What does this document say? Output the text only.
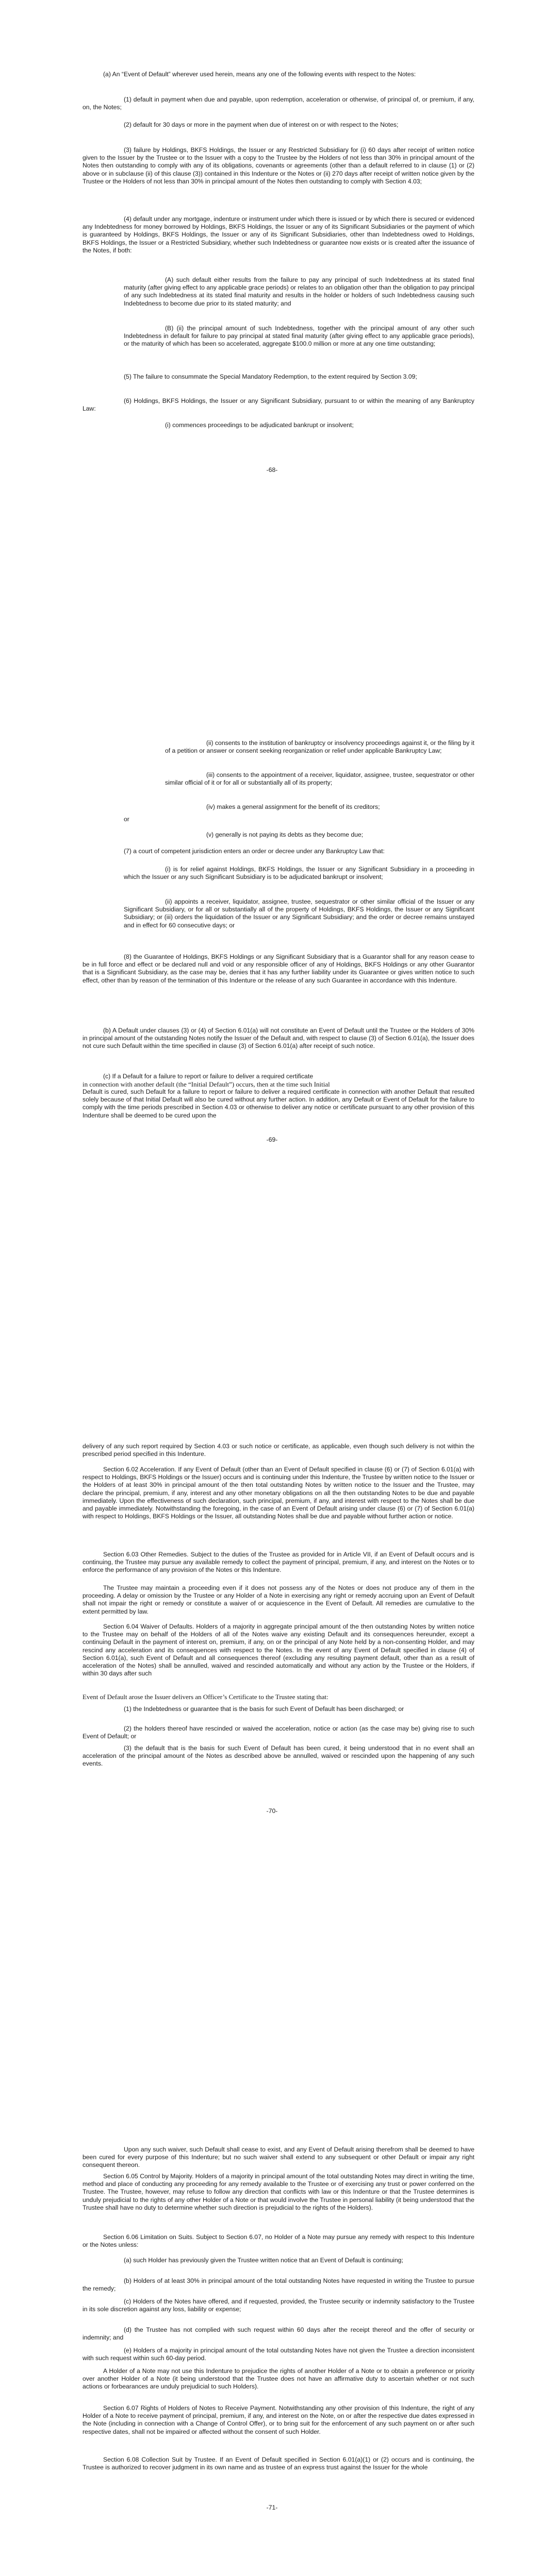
(a) An “Event of Default” wherever used herein, means any one of the following events with respect to the Notes:

(1) default in payment when due and payable, upon redemption, acceleration or otherwise, of principal of, or premium, if any, on, the Notes;

(2) default for 30 days or more in the payment when due of interest on or with respect to the Notes;

(3) failure by Holdings, BKFS Holdings, the Issuer or any Restricted Subsidiary for (i) 60 days after receipt of written notice given to the Issuer by the Trustee or to the Issuer with a copy to the Trustee by the Holders of not less than 30% in principal amount of the Notes then outstanding to comply with any of its obligations, covenants or agreements (other than a default referred to in clause (1) or (2) above or in subclause (ii) of this clause (3)) contained in this Indenture or the Notes or (ii) 270 days after receipt of written notice given by the Trustee or the Holders of not less than 30% in principal amount of the Notes then outstanding to comply with Section 4.03;

(4) default under any mortgage, indenture or instrument under which there is issued or by which there is secured or evidenced any Indebtedness for money borrowed by Holdings, BKFS Holdings, the Issuer or any of its Significant Subsidiaries or the payment of which is guaranteed by Holdings, BKFS Holdings, the Issuer or any of its Significant Subsidiaries, other than Indebtedness owed to Holdings, BKFS Holdings, the Issuer or a Restricted Subsidiary, whether such Indebtedness or guarantee now exists or is created after the issuance of the Notes, if both:

(A) such default either results from the failure to pay any principal of such Indebtedness at its stated final maturity (after giving effect to any applicable grace periods) or relates to an obligation other than the obligation to pay principal of any such Indebtedness at its stated final maturity and results in the holder or holders of such Indebtedness causing such Indebtedness to become due prior to its stated maturity; and

(B) (ii) the principal amount of such Indebtedness, together with the principal amount of any other such Indebtedness in default for failure to pay principal at stated final maturity (after giving effect to any applicable grace periods), or the maturity of which has been so accelerated, aggregate $100.0 million or more at any one time outstanding;

(5) The failure to consummate the Special Mandatory Redemption, to the extent required by Section 3.09;

(6) Holdings, BKFS Holdings, the Issuer or any Significant Subsidiary, pursuant to or within the meaning of any Bankruptcy Law:

(i) commences proceedings to be adjudicated bankrupt or insolvent;

-68-

(ii) consents to the institution of bankruptcy or insolvency proceedings against it, or the filing by it of a petition or answer or consent seeking reorganization or relief under applicable Bankruptcy Law;

(iii) consents to the appointment of a receiver, liquidator, assignee, trustee, sequestrator or other similar official of it or for all or substantially all of its property;

(iv) makes a general assignment for the benefit of its creditors;

or

(v) generally is not paying its debts as they become due;

(7) a court of competent jurisdiction enters an order or decree under any Bankruptcy Law that:

(i) is for relief against Holdings, BKFS Holdings, the Issuer or any Significant Subsidiary in a proceeding in which the Issuer or any such Significant Subsidiary is to be adjudicated bankrupt or insolvent;

(ii) appoints a receiver, liquidator, assignee, trustee, sequestrator or other similar official of the Issuer or any Significant Subsidiary, or for all or substantially all of the property of Holdings, BKFS Holdings, the Issuer or any Significant Subsidiary; or (iii) orders the liquidation of the Issuer or any Significant Subsidiary; and the order or decree remains unstayed and in effect for 60 consecutive days; or

(8) the Guarantee of Holdings, BKFS Holdings or any Significant Subsidiary that is a Guarantor shall for any reason cease to be in full force and effect or be declared null and void or any responsible officer of any of Holdings, BKFS Holdings or any other Guarantor that is a Significant Subsidiary, as the case may be, denies that it has any further liability under its Guarantee or gives written notice to such effect, other than by reason of the termination of this Indenture or the release of any such Guarantee in accordance with this Indenture.

(b) A Default under clauses (3) or (4) of Section 6.01(a) will not constitute an Event of Default until the Trustee or the Holders of 30% in principal amount of the outstanding Notes notify the Issuer of the Default and, with respect to clause (3) of Section 6.01(a), the Issuer does not cure such Default within the time specified in clause (3) of Section 6.01(a) after receipt of such notice.

(c) If a Default for a failure to report or failure to deliver a required certificate

in connection with another default (the “Initial Default”) occurs, then at the time such Initial

Default is cured, such Default for a failure to report or failure to deliver a required certificate in connection with another Default that resulted solely because of that Initial Default will also be cured without any further action. In addition, any Default or Event of Default for the failure to comply with the time periods prescribed in Section 4.03 or otherwise to deliver any notice or certificate pursuant to any other provision of this Indenture shall be deemed to be cured upon the

-69-

delivery of any such report required by Section 4.03 or such notice or certificate, as applicable, even though such delivery is not within the prescribed period specified in this Indenture.

Section 6.02 Acceleration. If any Event of Default (other than an Event of Default specified in clause (6) or (7) of Section 6.01(a) with respect to Holdings, BKFS Holdings or the Issuer) occurs and is continuing under this Indenture, the Trustee by written notice to the Issuer or the Holders of at least 30% in principal amount of the then total outstanding Notes by written notice to the Issuer and the Trustee, may declare the principal, premium, if any, interest and any other monetary obligations on all the then outstanding Notes to be due and payable immediately. Upon the effectiveness of such declaration, such principal, premium, if any, and interest with respect to the Notes shall be due and payable immediately. Notwithstanding the foregoing, in the case of an Event of Default arising under clause (6) or (7) of Section 6.01(a) with respect to Holdings, BKFS Holdings or the Issuer, all outstanding Notes shall be due and payable without further action or notice.

Section 6.03 Other Remedies. Subject to the duties of the Trustee as provided for in Article VII, if an Event of Default occurs and is continuing, the Trustee may pursue any available remedy to collect the payment of principal, premium, if any, and interest on the Notes or to enforce the performance of any provision of the Notes or this Indenture.

The Trustee may maintain a proceeding even if it does not possess any of the Notes or does not produce any of them in the proceeding. A delay or omission by the Trustee or any Holder of a Note in exercising any right or remedy accruing upon an Event of Default shall not impair the right or remedy or constitute a waiver of or acquiescence in the Event of Default. All remedies are cumulative to the extent permitted by law.

Section 6.04 Waiver of Defaults. Holders of a majority in aggregate principal amount of the then outstanding Notes by written notice to the Trustee may on behalf of the Holders of all of the Notes waive any existing Default and its consequences hereunder, except a continuing Default in the payment of interest on, premium, if any, on or the principal of any Note held by a non-consenting Holder, and may rescind any acceleration and its consequences with respect to the Notes. In the event of any Event of Default specified in clause (4) of Section 6.01(a), such Event of Default and all consequences thereof (excluding any resulting payment default, other than as a result of acceleration of the Notes) shall be annulled, waived and rescinded automatically and without any action by the Trustee or the Holders, if within 30 days after such

Event of Default arose the Issuer delivers an Officer’s Certificate to the Trustee stating that:

(1) the Indebtedness or guarantee that is the basis for such Event of Default has been discharged; or

(2) the holders thereof have rescinded or waived the acceleration, notice or action (as the case may be) giving rise to such Event of Default; or

(3) the default that is the basis for such Event of Default has been cured, it being understood that in no event shall an acceleration of the principal amount of the Notes as described above be annulled, waived or rescinded upon the happening of any such events.

-70-

Upon any such waiver, such Default shall cease to exist, and any Event of Default arising therefrom shall be deemed to have been cured for every purpose of this Indenture; but no such waiver shall extend to any subsequent or other Default or impair any right consequent thereon.

Section 6.05 Control by Majority. Holders of a majority in principal amount of the total outstanding Notes may direct in writing the time, method and place of conducting any proceeding for any remedy available to the Trustee or of exercising any trust or power conferred on the Trustee. The Trustee, however, may refuse to follow any direction that conflicts with law or this Indenture or that the Trustee determines is unduly prejudicial to the rights of any other Holder of a Note or that would involve the Trustee in personal liability (it being understood that the Trustee shall have no duty to determine whether such direction is prejudicial to the rights of the Holders).

Section 6.06 Limitation on Suits. Subject to Section 6.07, no Holder of a Note may pursue any remedy with respect to this Indenture or the Notes unless:

(a) such Holder has previously given the Trustee written notice that an Event of Default is continuing;

(b) Holders of at least 30% in principal amount of the total outstanding Notes have requested in writing the Trustee to pursue the remedy;

(c) Holders of the Notes have offered, and if requested, provided, the Trustee security or indemnity satisfactory to the Trustee in its sole discretion against any loss, liability or expense;

(d) the Trustee has not complied with such request within 60 days after the receipt thereof and the offer of security or indemnity; and

(e) Holders of a majority in principal amount of the total outstanding Notes have not given the Trustee a direction inconsistent with such request within such 60-day period.

A Holder of a Note may not use this Indenture to prejudice the rights of another Holder of a Note or to obtain a preference or priority over another Holder of a Note (it being understood that the Trustee does not have an affirmative duty to ascertain whether or not such actions or forbearances are unduly prejudicial to such Holders).

Section 6.07 Rights of Holders of Notes to Receive Payment. Notwithstanding any other provision of this Indenture, the right of any Holder of a Note to receive payment of principal, premium, if any, and interest on the Note, on or after the respective due dates expressed in the Note (including in connection with a Change of Control Offer), or to bring suit for the enforcement of any such payment on or after such respective dates, shall not be impaired or affected without the consent of such Holder.

Section 6.08 Collection Suit by Trustee. If an Event of Default specified in Section 6.01(a)(1) or (2) occurs and is continuing, the Trustee is authorized to recover judgment in its own name and as trustee of an express trust against the Issuer for the whole

-71-
